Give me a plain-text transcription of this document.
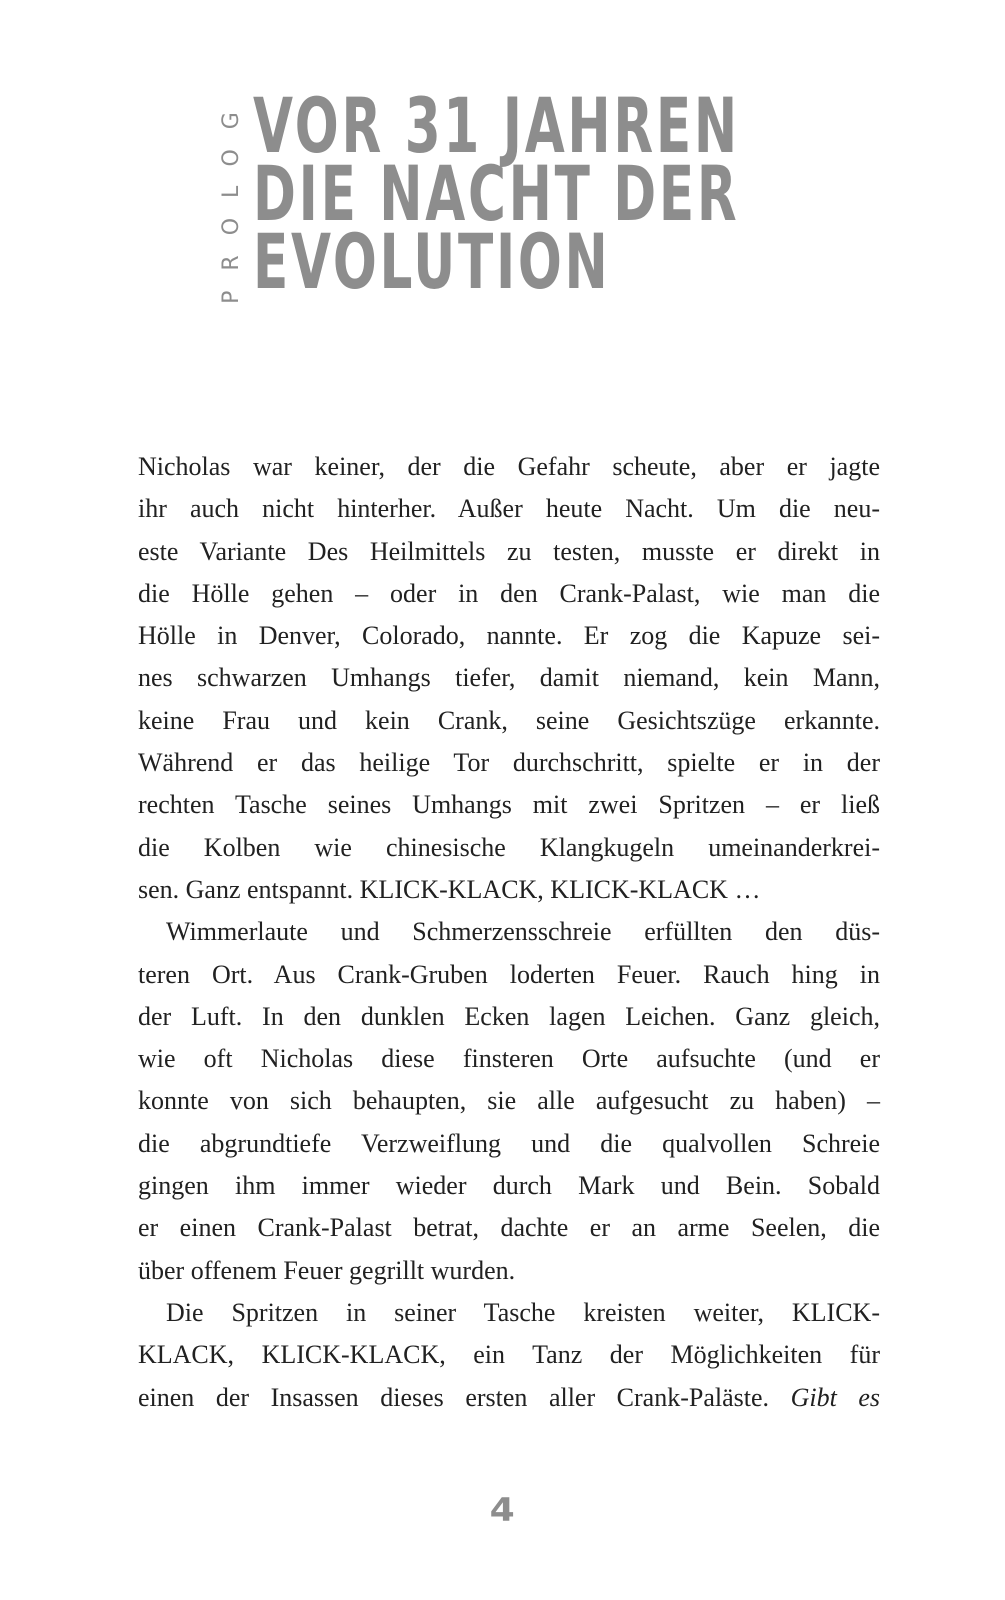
PROLOG VOR 31 JAHREN
DIE NACHT DER
EVOLUTION
Nicholas war keiner, der die Gefahr scheute, aber er jagte
ihr auch nicht hinterher. Außer heute Nacht. Um die neu-
este Variante Des Heilmittels zu testen, musste er direkt in
die Hölle gehen – oder in den Crank-Palast, wie man die
Hölle in Denver, Colorado, nannte. Er zog die Kapuze sei-
nes schwarzen Umhangs tiefer, damit niemand, kein Mann,
keine Frau und kein Crank, seine Gesichtszüge erkannte.
Während er das heilige Tor durchschritt, spielte er in der
rechten Tasche seines Umhangs mit zwei Spritzen – er ließ
die Kolben wie chinesische Klangkugeln umeinanderkrei-
sen. Ganz entspannt. KLICK-KLACK, KLICK-KLACK …
Wimmerlaute und Schmerzensschreie erfüllten den düs-
teren Ort. Aus Crank-Gruben loderten Feuer. Rauch hing in
der Luft. In den dunklen Ecken lagen Leichen. Ganz gleich,
wie oft Nicholas diese finsteren Orte aufsuchte (und er
konnte von sich behaupten, sie alle aufgesucht zu haben) –
die abgrundtiefe Verzweiflung und die qualvollen Schreie
gingen ihm immer wieder durch Mark und Bein. Sobald
er einen Crank-Palast betrat, dachte er an arme Seelen, die
über offenem Feuer gegrillt wurden.
Die Spritzen in seiner Tasche kreisten weiter, KLICK-
KLACK, KLICK-KLACK, ein Tanz der Möglichkeiten für
einen der Insassen dieses ersten aller Crank-Paläste. Gibt es
4
